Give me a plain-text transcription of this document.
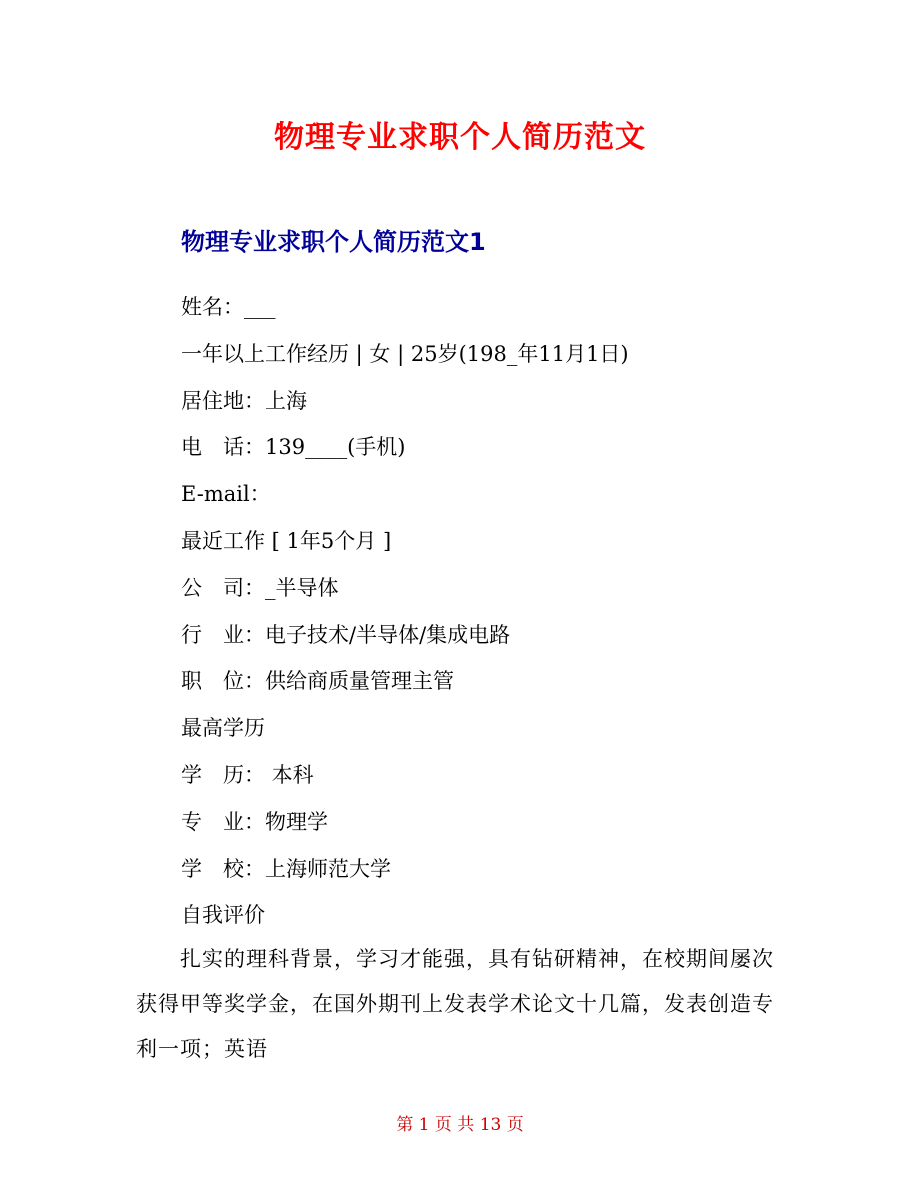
物理专业求职个人简历范文
物理专业求职个人简历范文1
姓名：___
一年以上工作经历 | 女 | 25岁(198_年11月1日)
居住地：上海
电　话：139____(手机)
E-mail：
最近工作 [ 1年5个月 ]
公　司：_半导体
行　业：电子技术/半导体/集成电路
职　位：供给商质量管理主管
最高学历
学　历： 本科
专　业：物理学
学　校：上海师范大学
自我评价

扎实的理科背景，学习才能强，具有钻研精神，在校期间屡次获得甲等奖学金，在国外期刊上发表学术论文十几篇，发表创造专利一项；英语

第 1 页 共 13 页
